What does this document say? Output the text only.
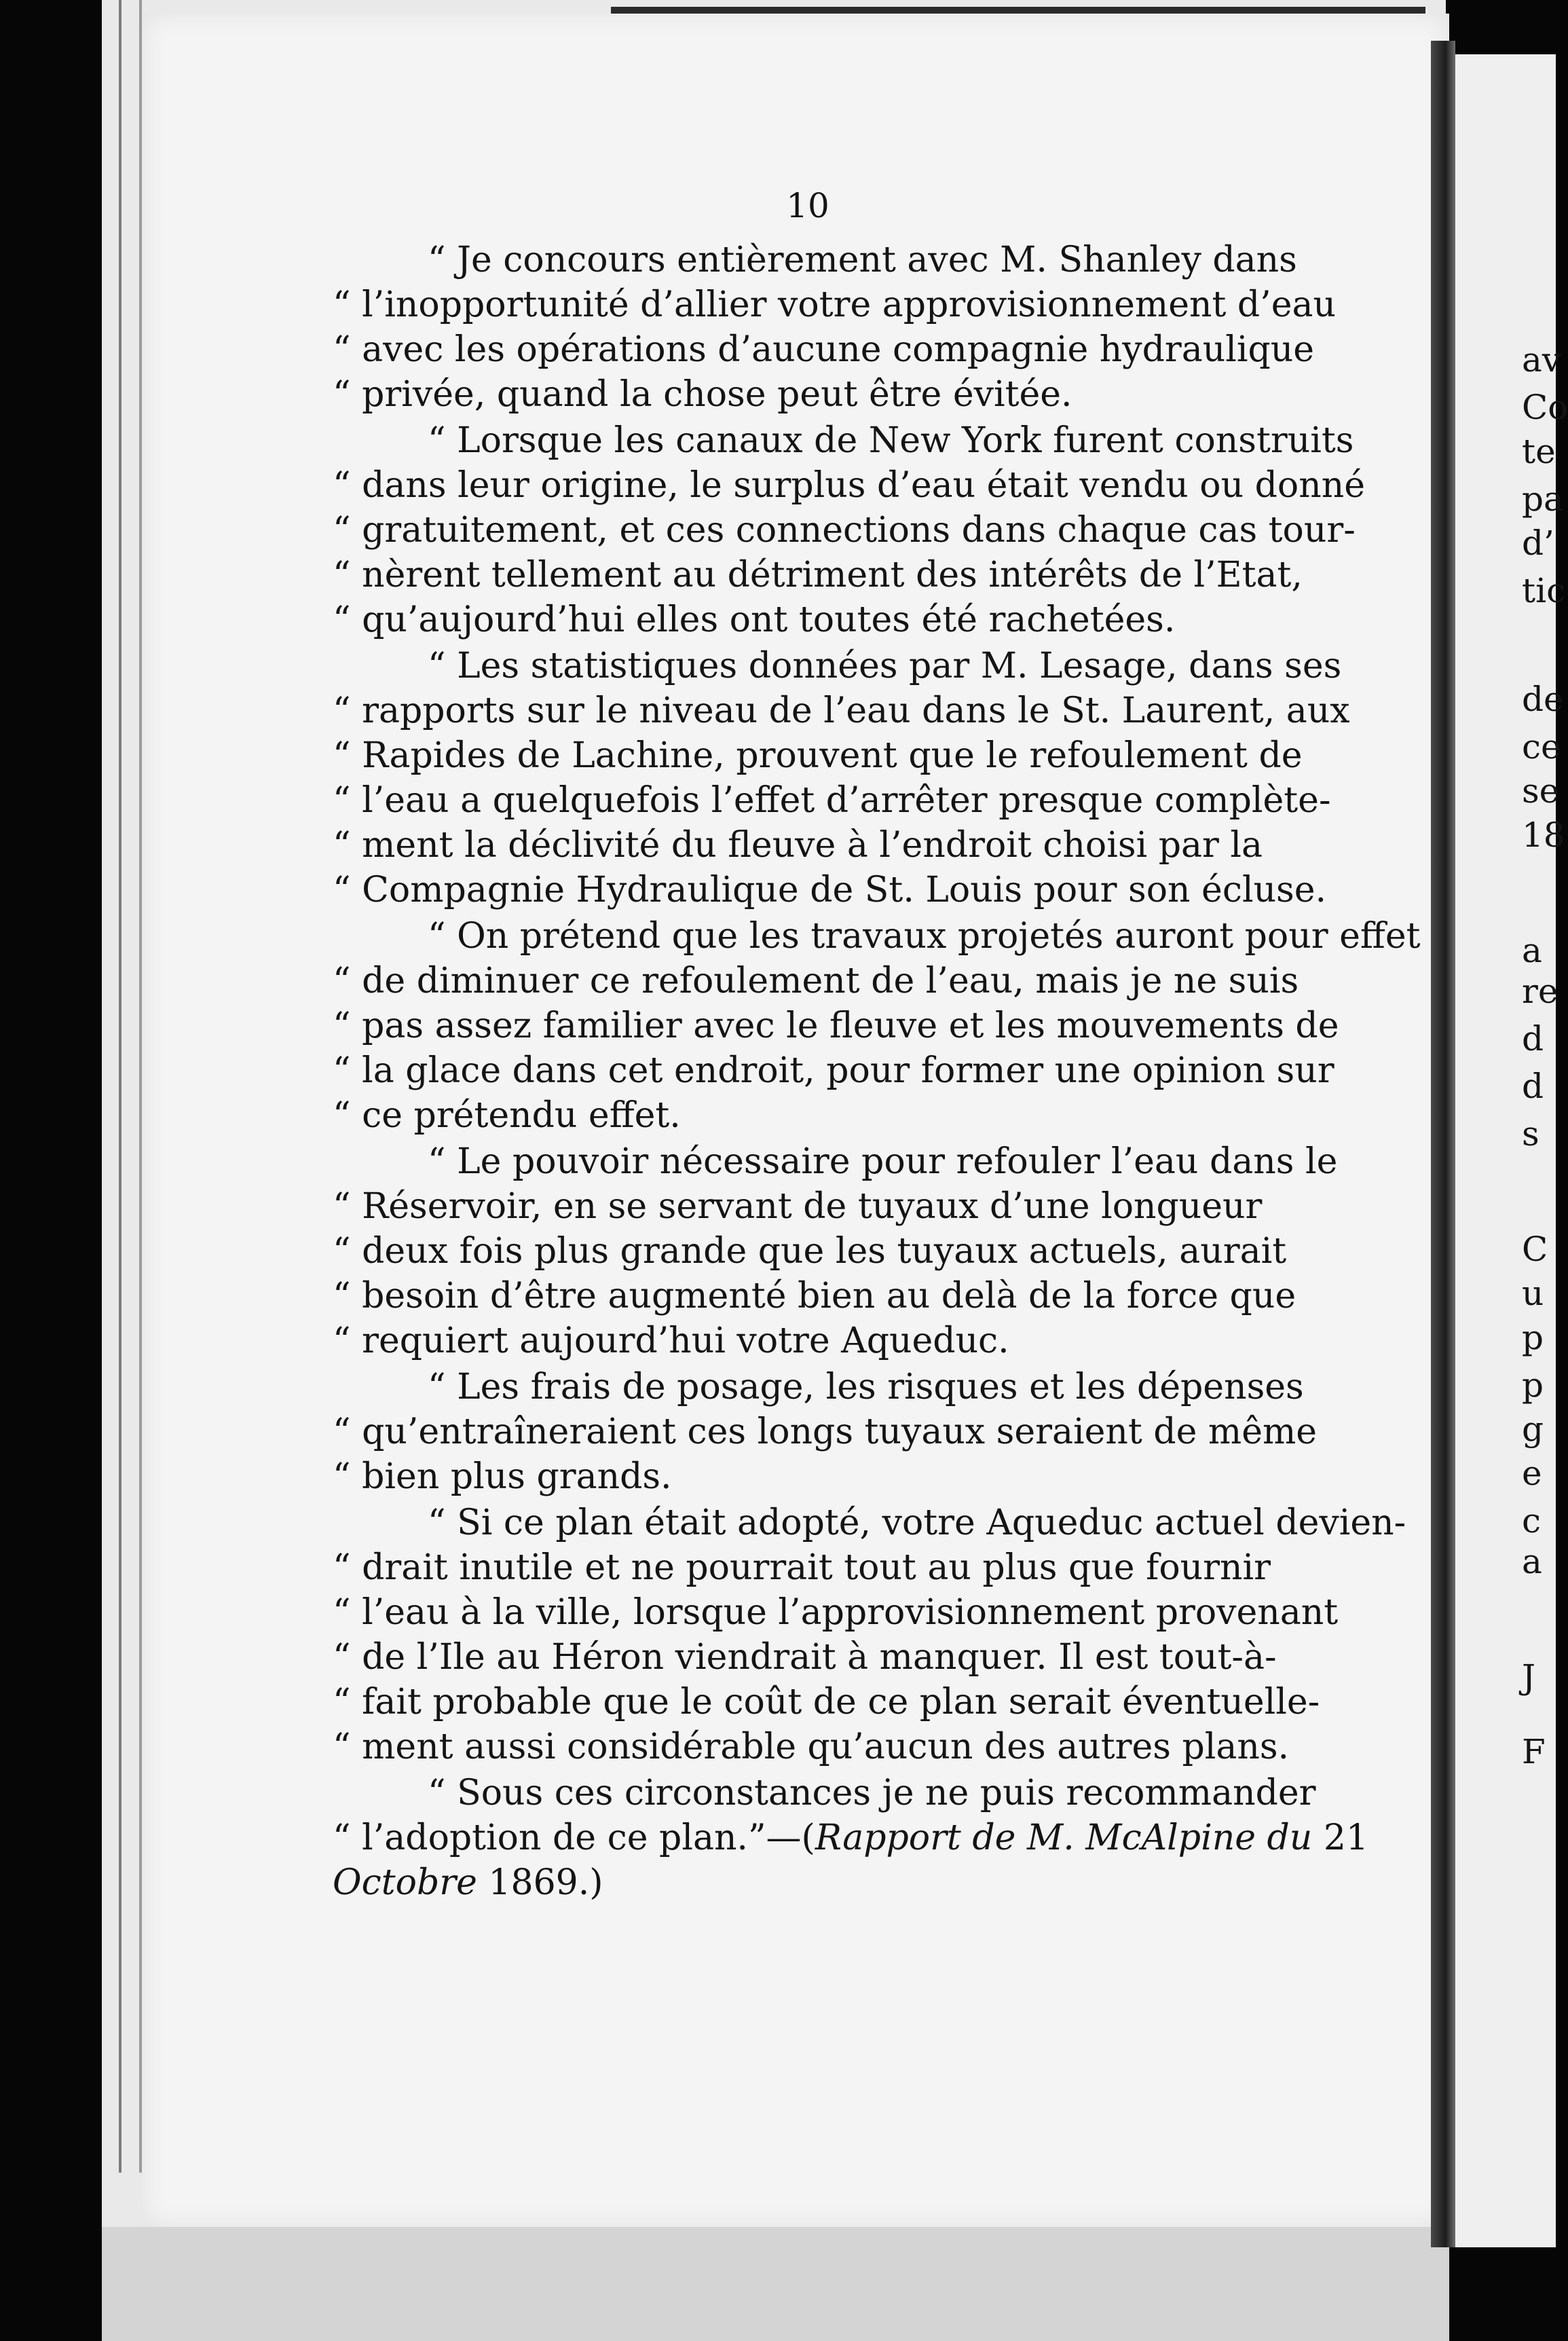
10

“ Je concours entièrement avec M. Shanley dans
“ l’inopportunité d’allier votre approvisionnement d’eau
“ avec les opérations d’aucune compagnie hydraulique
“ privée, quand la chose peut être évitée.

“ Lorsque les canaux de New York furent construits
“ dans leur origine, le surplus d’eau était vendu ou donné
“ gratuitement, et ces connections dans chaque cas tour-
“ nèrent tellement au détriment des intérêts de l’Etat,
“ qu’aujourd’hui elles ont toutes été rachetées.

“ Les statistiques données par M. Lesage, dans ses
“ rapports sur le niveau de l’eau dans le St. Laurent, aux
“ Rapides de Lachine, prouvent que le refoulement de
“ l’eau a quelquefois l’effet d’arrêter presque complète-
“ ment la déclivité du fleuve à l’endroit choisi par la
“ Compagnie Hydraulique de St. Louis pour son écluse.

“ On prétend que les travaux projetés auront pour effet
“ de diminuer ce refoulement de l’eau, mais je ne suis
“ pas assez familier avec le fleuve et les mouvements de
“ la glace dans cet endroit, pour former une opinion sur
“ ce prétendu effet.

“ Le pouvoir nécessaire pour refouler l’eau dans le
“ Réservoir, en se servant de tuyaux d’une longueur
“ deux fois plus grande que les tuyaux actuels, aurait
“ besoin d’être augmenté bien au delà de la force que
“ requiert aujourd’hui votre Aqueduc.

“ Les frais de posage, les risques et les dépenses
“ qu’entraîneraient ces longs tuyaux seraient de même
“ bien plus grands.

“ Si ce plan était adopté, votre Aqueduc actuel devien-
“ drait inutile et ne pourrait tout au plus que fournir
“ l’eau à la ville, lorsque l’approvisionnement provenant
“ de l’Ile au Héron viendrait à manquer. Il est tout-à-
“ fait probable que le coût de ce plan serait éventuelle-
“ ment aussi considérable qu’aucun des autres plans.

“ Sous ces circonstances je ne puis recommander
“ l’adoption de ce plan.”—(Rapport de M. McAlpine du 21
Octobre 1869.)

av
Co
te
pa
d’
tic
de
ce
se
18
a
re
d
d
s
C
u
p
p
g
e
c
a
J
F
